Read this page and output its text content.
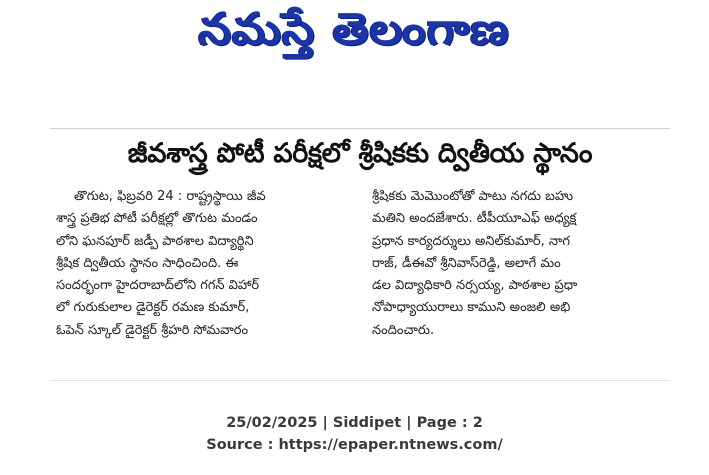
నమస్తే తెలంగాణ
జీవశాస్త్ర పోటీ పరీక్షలో శ్రీషికకు ద్వితీయ స్థానం
తొగుట, ఫిబ్రవరి 24 : రాష్ట్రస్థాయి జీవ
శాస్త్ర ప్రతిభ పోటీ పరీక్షల్లో తొగుట మండం
లోని ఘనపూర్ జడ్పీ పాఠశాల విద్యార్థిని
శ్రీషిక ద్వితీయ స్థానం సాధించింది. ఈ
సందర్భంగా హైదరాబాద్‌లోని గగన్ విహార్
లో గురుకులాల డైరెక్టర్ రమణ కుమార్,
ఓపెన్ స్కూల్ డైరెక్టర్ శ్రీహరి సోమవారం
శ్రీషికకు మెమొంటోతో పాటు నగదు బహు
మతిని అందజేశారు. టీపీయూఎఫ్ అధ్యక్ష
ప్రధాన కార్యదర్శులు అనిల్‌కుమార్, నాగ
రాజ్, డీఈవో శ్రీనివాస్‌రెడ్డి, అలాగే మం
డల విద్యాధికారి నర్సయ్య, పాఠశాల ప్రధా
నోపాధ్యాయురాలు కాముని అంజలి అభి
నందించారు.
25/02/2025 | Siddipet | Page : 2
Source : https://epaper.ntnews.com/
